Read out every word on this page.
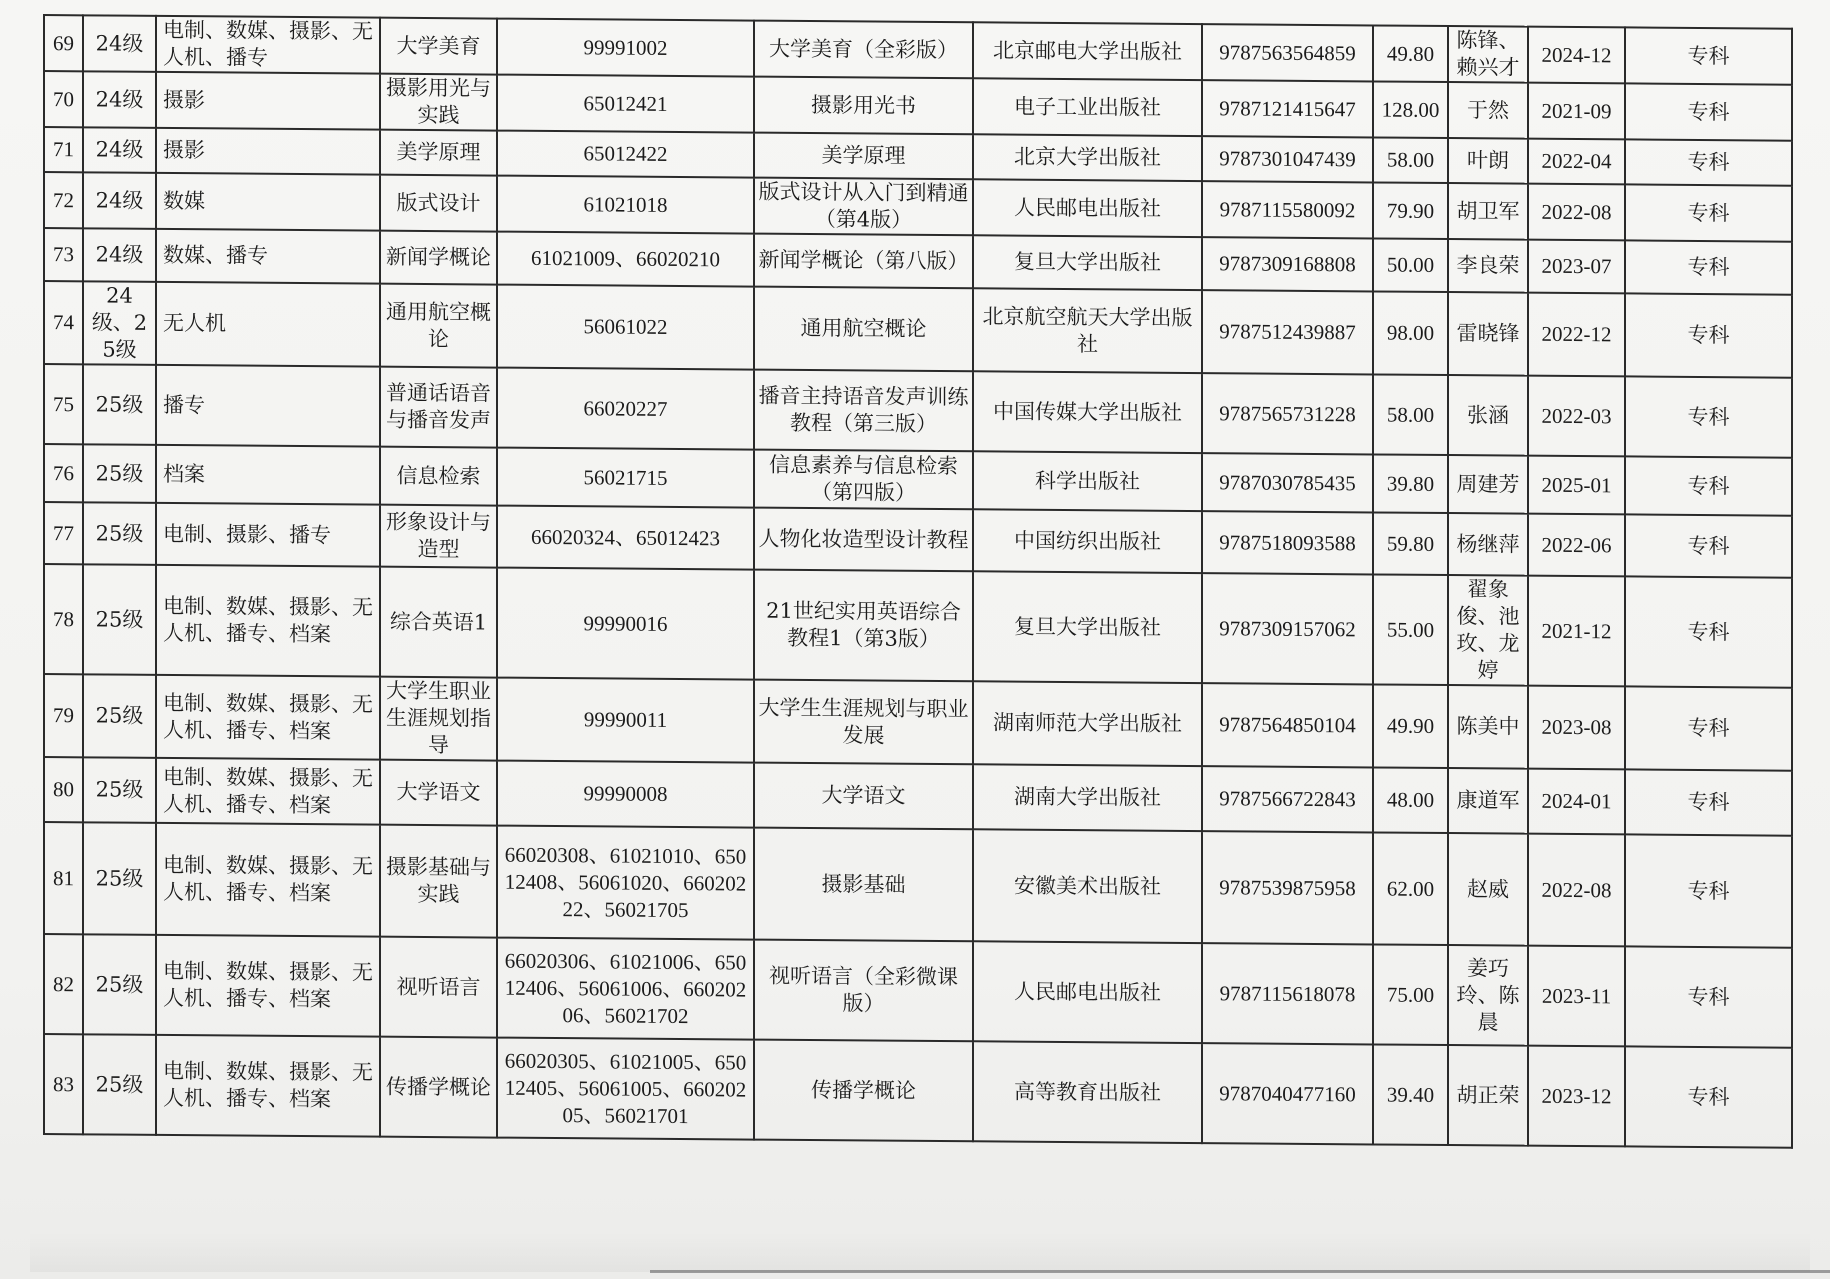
69	24级	电制、数媒、摄影、无人机、播专	大学美育	99991002	大学美育（全彩版）	北京邮电大学出版社	9787563564859	49.80	陈锋、赖兴才	2024-12	专科
70	24级	摄影	摄影用光与实践	65012421	摄影用光书	电子工业出版社	9787121415647	128.00	于然	2021-09	专科
71	24级	摄影	美学原理	65012422	美学原理	北京大学出版社	9787301047439	58.00	叶朗	2022-04	专科
72	24级	数媒	版式设计	61021018	版式设计从入门到精通（第4版）	人民邮电出版社	9787115580092	79.90	胡卫军	2022-08	专科
73	24级	数媒、播专	新闻学概论	61021009、66020210	新闻学概论（第八版）	复旦大学出版社	9787309168808	50.00	李良荣	2023-07	专科
74	24级、25级	无人机	通用航空概论	56061022	通用航空概论	北京航空航天大学出版社	9787512439887	98.00	雷晓锋	2022-12	专科
75	25级	播专	普通话语音与播音发声	66020227	播音主持语音发声训练教程（第三版）	中国传媒大学出版社	9787565731228	58.00	张涵	2022-03	专科
76	25级	档案	信息检索	56021715	信息素养与信息检索（第四版）	科学出版社	9787030785435	39.80	周建芳	2025-01	专科
77	25级	电制、摄影、播专	形象设计与造型	66020324、65012423	人物化妆造型设计教程	中国纺织出版社	9787518093588	59.80	杨继萍	2022-06	专科
78	25级	电制、数媒、摄影、无人机、播专、档案	综合英语1	99990016	21世纪实用英语综合教程1（第3版）	复旦大学出版社	9787309157062	55.00	翟象俊、池玫、龙婷	2021-12	专科
79	25级	电制、数媒、摄影、无人机、播专、档案	大学生职业生涯规划指导	99990011	大学生生涯规划与职业发展	湖南师范大学出版社	9787564850104	49.90	陈美中	2023-08	专科
80	25级	电制、数媒、摄影、无人机、播专、档案	大学语文	99990008	大学语文	湖南大学出版社	9787566722843	48.00	康道军	2024-01	专科
81	25级	电制、数媒、摄影、无人机、播专、档案	摄影基础与实践	66020308、61021010、65012408、56061020、66020222、56021705	摄影基础	安徽美术出版社	9787539875958	62.00	赵威	2022-08	专科
82	25级	电制、数媒、摄影、无人机、播专、档案	视听语言	66020306、61021006、65012406、56061006、66020206、56021702	视听语言（全彩微课版）	人民邮电出版社	9787115618078	75.00	姜巧玲、陈晨	2023-11	专科
83	25级	电制、数媒、摄影、无人机、播专、档案	传播学概论	66020305、61021005、65012405、56061005、66020205、56021701	传播学概论	高等教育出版社	9787040477160	39.40	胡正荣	2023-12	专科
